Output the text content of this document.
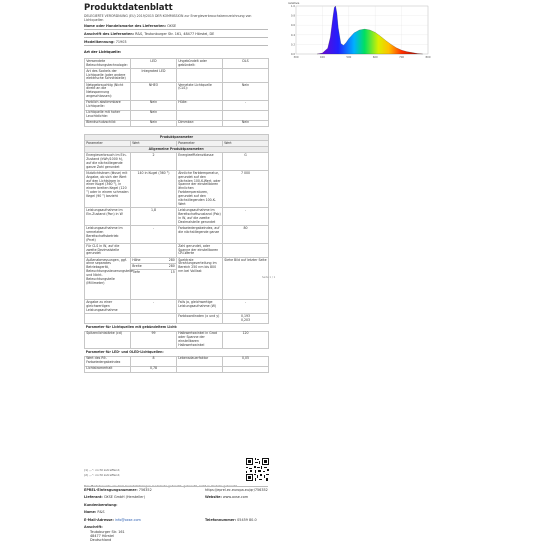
Produktdatenblatt
DELEGIERTE VERORDNUNG (EU) 2019/2015 DER KOMMISSION zur Energieverbrauchskennzeichnung von Lichtquellen
Name oder Handelsmarke des Lieferanten: OXSE
Anschrift des Lieferanten: R&S, Teutonburger Str. 161, 48477 Hörstel, DE
Modellkennung: 71903
Art der Lichtquelle:
Verwendete Beleuchtungstechnologie:	LED	Ungebündelt oder gebündelt:	DLS
Art des Sockels der Lichtquelle (oder andere elektrische Schnittstelle)	Integrated LED		
Netzgebrauchtig (Nicht direkt an die Netzspannung angeschlossen):	NHEO	Vernetzte Lichtquelle (CLS):	Nein
Farblich abstimmbare Lichtquelle:	Nein	Hülle:	-
Lichtquelle mit hoher Leuchtdichte:	Nein		
Blendschutzschild:	Nein	Dimmbar:	Nein
Produktparameter			
Parameter	Wert	Parameter	Wert
Allgemeine Produktparameter:			
Energieverbrauch im Ein-Zustand (kWh/1000 h), auf die nächstliegende ganze Zahl gerundet	2	Energieeffizienzklasse	G
Nutzlichtstrom (Φuse) mit Angabe, ob sich der Wert auf den Lichtstrom in einer Kugel (360 °), in einem breiten Kegel (120 °) oder in einem schmalen Kegel (90 °) bezieht	140 in Kugel (360 °)	Ähnliche Farbtemperatur, gerundet auf den nächsten 100-K-Wert, oder Spanne der einstellbaren ähnlichen Farbtemperaturen, gerundet auf den nächstliegenden 100-K-Wert	7 000
Leistungsaufnahme im Ein-Zustand (Pon) in W	1,8	Leistungsaufnahme im Bereitschaftszustand (Psb) in W, auf die zweite Dezimalstelle gerundet	-
Leistungsaufnahme im vernetzten Bereitschaftsbetrieb (Pnet)	-	Farbwiedergabeindex, auf die nächstliegende ganze	80
Für CLS in W, auf die zweite Dezimalstelle gerundet		Zahl gerundet, oder Spanne der einstellbaren CRI-Werte	
Außenabmessungen, ggf. ohne separates Betriebsgerät, Beleuchtungssteuerungsteile und Nicht-Beleuchtungsteile (Millimeter)	Höhe 280	Spektrale Strahlungsverteilung im Bereich 250 nm bis 800 nm bei Volllast	Siehe Bild auf letzter Seite
	Breite 280		

	Tiefe 15		

Angabe zu einer gleichwertigen Leistungsaufnahme	-	Falls ja, gleichwertige Leistungsaufnahme (W)	-
		Farbkoordinaten (x und y)	0,193
0,203

Parameter für Lichtquellen mit gebündeltem Licht:			
Spitzenlichtstärke (cd)	99	Halbwertswinkel in Grad oder Spanne der einstellbaren Halbwertswinkel	120
Parameter für LED- und OLED-Lichtquellen:			
Wert des R9-Farbwiedergabeindex	8	Lebensdauerfaktor	0,05
Lichtstromerhalt	0,78		
(1) „-“: nicht zutreffend;
(2) „-“: nicht zutreffend;
Das Modell wurde vor dem Inverkehrbringen in Verkehr gebracht. gebracht, nicht in Verkehr gebracht.
EPREL-Eintragungsnummer: 756352	https://eprel.ec.europa.eu/qr/756352
Lieferant: OXSE GmbH (Hersteller)	Website: www.oxse.com
Kundenberatung:
Name: R&S
E-Mail-Adresse: info@oxse.com	Telefonnummer: 05459 80-0
Anschrift:
Teutoburger Str. 161
48477 Hörstel
Deutschland
Seite 1 / 1
0.0
0.2
0.4
0.6
0.8
1.0
300	400	500	600	700	800
relative
